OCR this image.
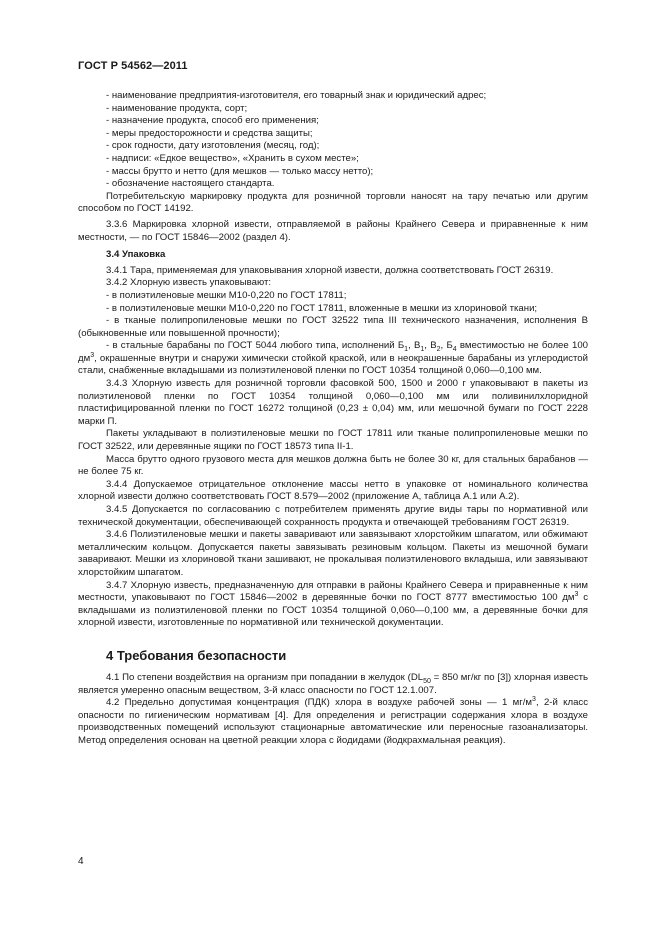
ГОСТ Р 54562—2011

- наименование предприятия-изготовителя, его товарный знак и юридический адрес;

- наименование продукта, сорт;

- назначение продукта, способ его применения;

- меры предосторожности и средства защиты;

- срок годности, дату изготовления (месяц, год);

- надписи: «Едкое вещество», «Хранить в сухом месте»;

- массы брутто и нетто (для мешков — только массу нетто);

- обозначение настоящего стандарта.

Потребительскую маркировку продукта для розничной торговли наносят на тару печатью или другим способом по ГОСТ 14192.

3.3.6 Маркировка хлорной извести, отправляемой в районы Крайнего Севера и приравненные к ним местности, — по ГОСТ 15846—2002 (раздел 4).

3.4 Упаковка

3.4.1 Тара, применяемая для упаковывания хлорной извести, должна соответствовать ГОСТ 26319.

3.4.2 Хлорную известь упаковывают:

- в полиэтиленовые мешки М10-0,220 по ГОСТ 17811;

- в полиэтиленовые мешки М10-0,220 по ГОСТ 17811, вложенные в мешки из хлориновой ткани;

- в тканые полипропиленовые мешки по ГОСТ 32522 типа III технического назначения, исполнения В (обыкновенные или повышенной прочности);

- в стальные барабаны по ГОСТ 5044 любого типа, исполнений $Б_1$, $В_1$, $В_2$, $Б_4$ вместимостью не более 100 $дм^3$, окрашенные внутри и снаружи химически стойкой краской, или в неокрашенные барабаны из углеродистой стали, снабженные вкладышами из полиэтиленовой пленки по ГОСТ 10354 толщиной 0,060—0,100 мм.

3.4.3 Хлорную известь для розничной торговли фасовкой 500, 1500 и 2000 г упаковывают в пакеты из полиэтиленовой пленки по ГОСТ 10354 толщиной 0,060—0,100 мм или поливинилхлоридной пластифицированной пленки по ГОСТ 16272 толщиной (0,23 ± 0,04) мм, или мешочной бумаги по ГОСТ 2228 марки П.

Пакеты укладывают в полиэтиленовые мешки по ГОСТ 17811 или тканые полипропиленовые мешки по ГОСТ 32522, или деревянные ящики по ГОСТ 18573 типа II-1.

Масса брутто одного грузового места для мешков должна быть не более 30 кг, для стальных барабанов — не более 75 кг.

3.4.4 Допускаемое отрицательное отклонение массы нетто в упаковке от номинального количества хлорной извести должно соответствовать ГОСТ 8.579—2002 (приложение А, таблица А.1 или А.2).

3.4.5 Допускается по согласованию с потребителем применять другие виды тары по нормативной или технической документации, обеспечивающей сохранность продукта и отвечающей требованиям ГОСТ 26319.

3.4.6 Полиэтиленовые мешки и пакеты заваривают или завязывают хлорстойким шпагатом, или обжимают металлическим кольцом. Допускается пакеты завязывать резиновым кольцом. Пакеты из мешочной бумаги заваривают. Мешки из хлориновой ткани зашивают, не прокалывая полиэтиленового вкладыша, или завязывают хлорстойким шпагатом.

3.4.7 Хлорную известь, предназначенную для отправки в районы Крайнего Севера и приравненные к ним местности, упаковывают по ГОСТ 15846—2002 в деревянные бочки по ГОСТ 8777 вместимостью 100 $дм^3$ с вкладышами из полиэтиленовой пленки по ГОСТ 10354 толщиной 0,060—0,100 мм, а деревянные бочки для хлорной извести, изготовленные по нормативной или технической документации.

4 Требования безопасности

4.1 По степени воздействия на организм при попадании в желудок ($DL_{50} = 850$ мг/кг по [3]) хлорная известь является умеренно опасным веществом, 3-й класс опасности по ГОСТ 12.1.007.

4.2 Предельно допустимая концентрация (ПДК) хлора в воздухе рабочей зоны — 1 $мг/м^3$, 2-й класс опасности по гигиеническим нормативам [4]. Для определения и регистрации содержания хлора в воздухе производственных помещений используют стационарные автоматические или переносные газоанализаторы. Метод определения основан на цветной реакции хлора с йодидами (йодкрахмальная реакция).

4
